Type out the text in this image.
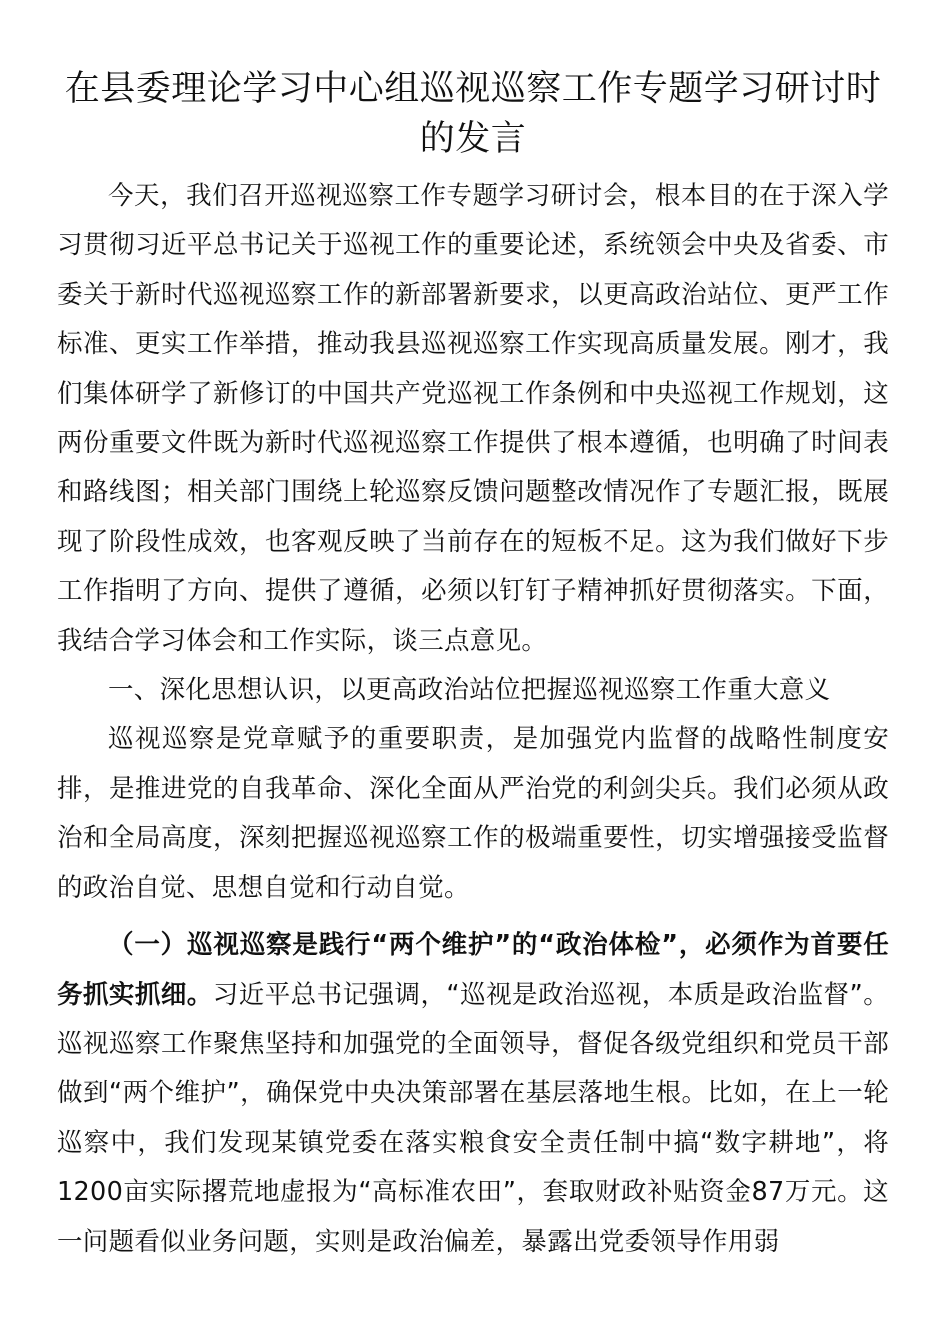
在县委理论学习中心组巡视巡察工作专题学习研讨时的发言

今天，我们召开巡视巡察工作专题学习研讨会，根本目的在于深入学习贯彻习近平总书记关于巡视工作的重要论述，系统领会中央及省委、市委关于新时代巡视巡察工作的新部署新要求，以更高政治站位、更严工作标准、更实工作举措，推动我县巡视巡察工作实现高质量发展。刚才，我们集体研学了新修订的中国共产党巡视工作条例和中央巡视工作规划，这两份重要文件既为新时代巡视巡察工作提供了根本遵循，也明确了时间表和路线图；相关部门围绕上轮巡察反馈问题整改情况作了专题汇报，既展现了阶段性成效，也客观反映了当前存在的短板不足。这为我们做好下步工作指明了方向、提供了遵循，必须以钉钉子精神抓好贯彻落实。下面，我结合学习体会和工作实际，谈三点意见。

一、深化思想认识，以更高政治站位把握巡视巡察工作重大意义

巡视巡察是党章赋予的重要职责，是加强党内监督的战略性制度安排，是推进党的自我革命、深化全面从严治党的利剑尖兵。我们必须从政治和全局高度，深刻把握巡视巡察工作的极端重要性，切实增强接受监督的政治自觉、思想自觉和行动自觉。

（一）巡视巡察是践行“两个维护”的“政治体检”，必须作为首要任务抓实抓细。习近平总书记强调，“巡视是政治巡视，本质是政治监督”。巡视巡察工作聚焦坚持和加强党的全面领导，督促各级党组织和党员干部做到“两个维护”，确保党中央决策部署在基层落地生根。比如，在上一轮巡察中，我们发现某镇党委在落实粮食安全责任制中搞“数字耕地”，将1200亩实际撂荒地虚报为“高标准农田”，套取财政补贴资金87万元。这一问题看似业务问题，实则是政治偏差，暴露出党委领导作用弱
